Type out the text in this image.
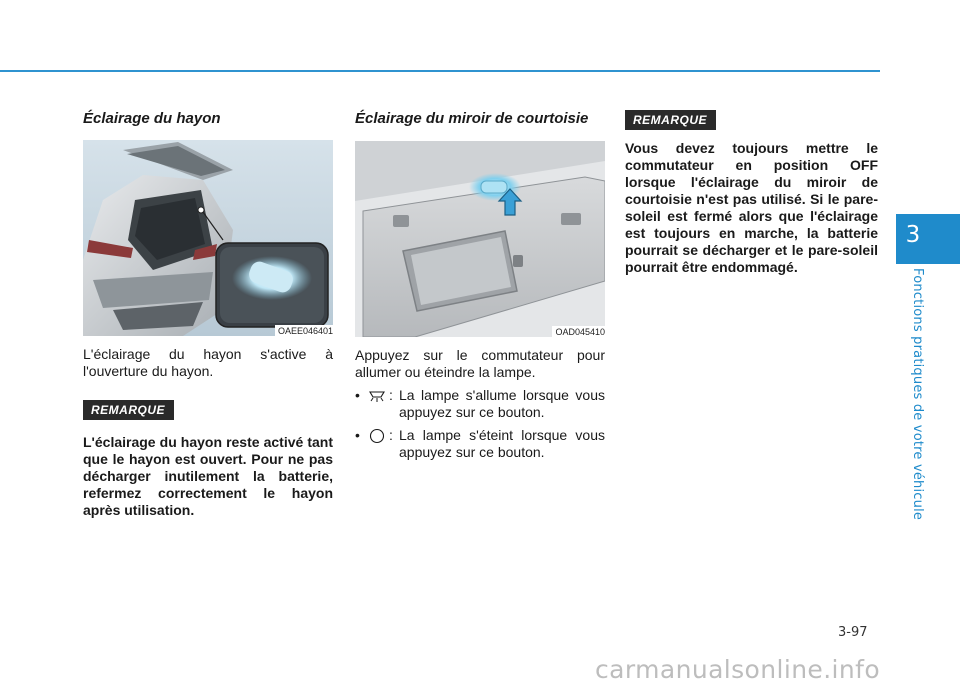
3
Fonctions pratiques de votre véhicule
Éclairage du hayon
OAEE046401
L'éclairage du hayon s'active à l'ouverture du hayon.
REMARQUE
L'éclairage du hayon reste activé tant que le hayon est ouvert. Pour ne pas décharger inutilement la batterie, refermez correctement le hayon après utilisation.
Éclairage du miroir de courtoisie
OAD045410
Appuyez sur le commutateur pour allumer ou éteindre la lampe.
•	: La lampe s'allume lorsque vous appuyez sur ce bouton.
•	: La lampe s'éteint lorsque vous appuyez sur ce bouton.
REMARQUE
Vous devez toujours mettre le commutateur en position OFF lorsque l'éclairage du miroir de courtoisie n'est pas utilisé. Si le pare-soleil est fermé alors que l'éclairage est toujours en marche, la batterie pourrait se décharger et le pare-soleil pourrait être endommagé.
3-97
carmanualsonline.info
